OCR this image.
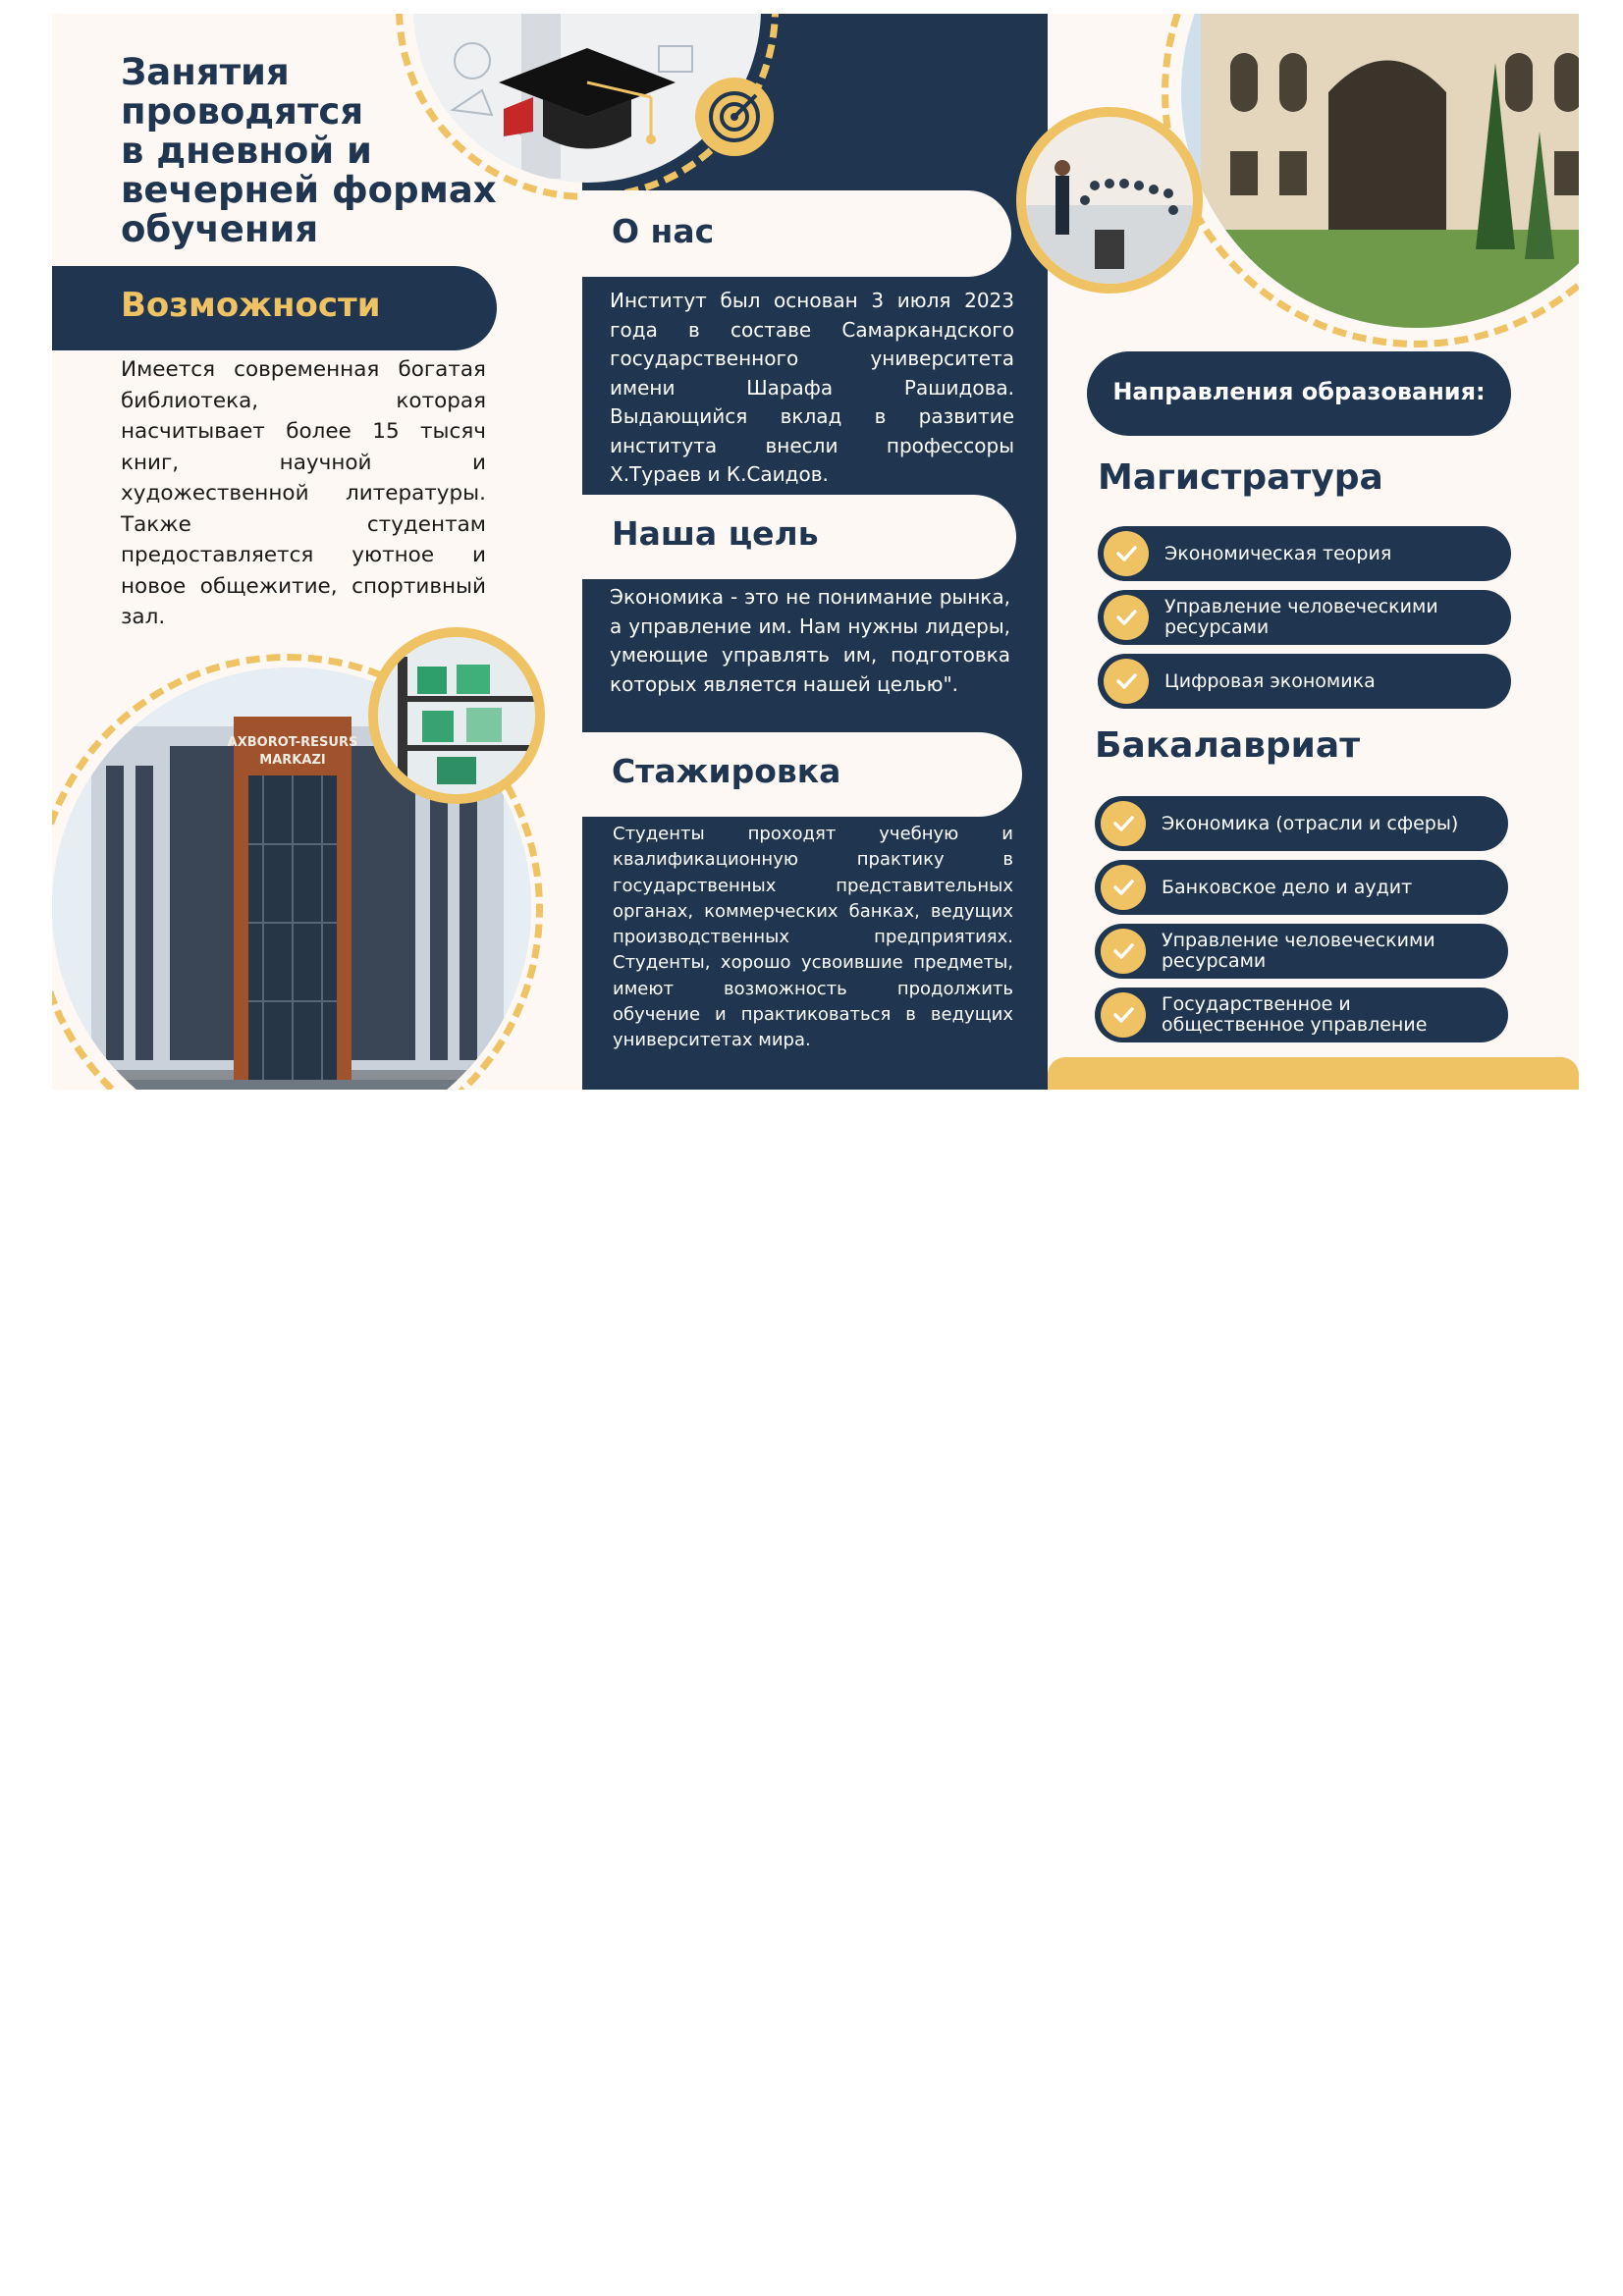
Занятия
проводятся
в дневной и
вечерней формах
обучения
Возможности

Имеется современная богатая библиотека, которая насчитывает более 15 тысяч книг, научной и художественной литературы. Также студентам предоставляется уютное и новое общежитие, спортивный зал.

AXBOROT-RESURS
MARKAZI
О нас

Институт был основан 3 июля 2023 года в составе Самаркандского государственного университета имени Шарафа Рашидова. Выдающийся вклад в развитие института внесли профессоры Х.Тураев и К.Саидов.

Наша цель

Экономика - это не понимание рынка, а управление им. Нам нужны лидеры, умеющие управлять им, подготовка которых является нашей целью".

Стажировка

Студенты проходят учебную и квалификационную практику в государственных представительных органах, коммерческих банках, ведущих производственных предприятиях. Студенты, хорошо усвоившие предметы, имеют возможность продолжить обучение и практиковаться в ведущих университетах мира.

Направления образования:
Магистратура
Экономическая теория
Управление человеческими ресурсами
Цифровая экономика
Бакалавриат
Экономика (отрасли и сферы)
Банковское дело и аудит
Управление человеческими ресурсами
Государственное и общественное управление
